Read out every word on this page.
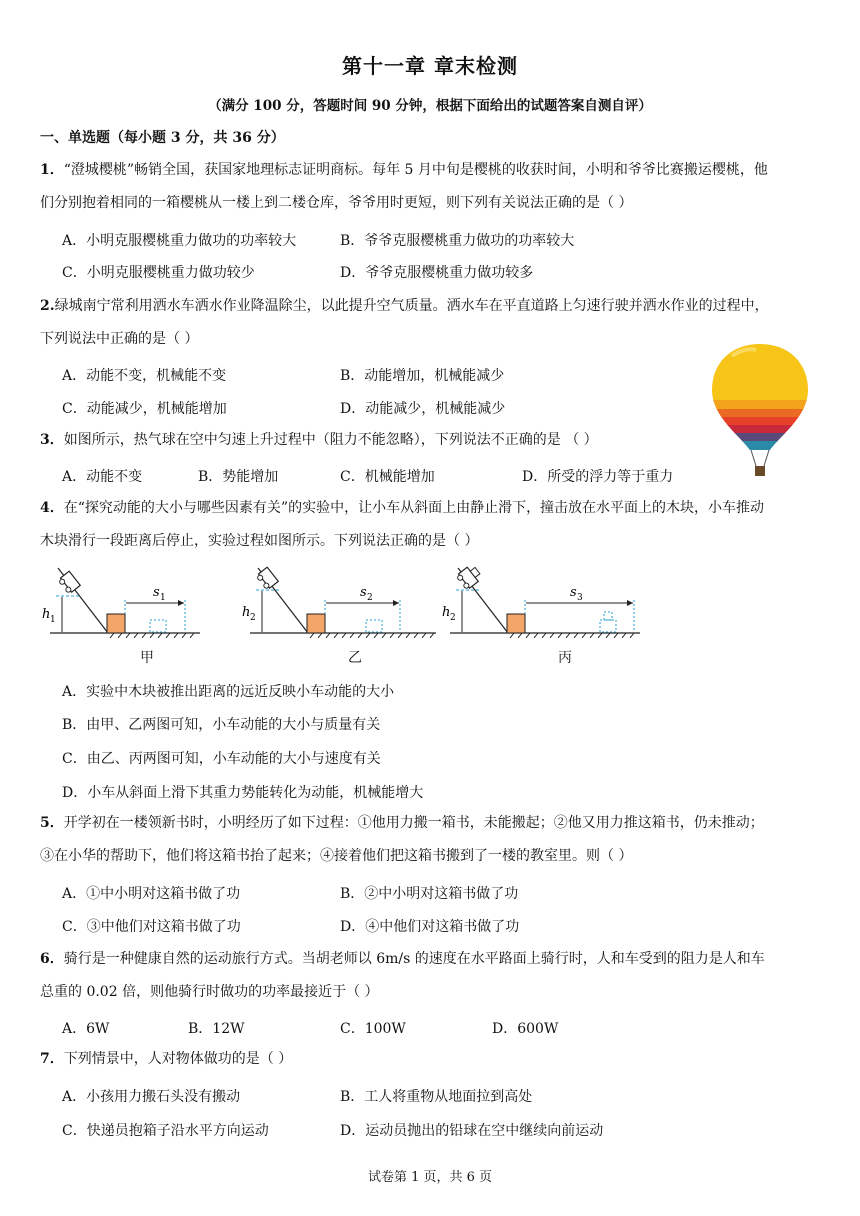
第十一章 章末检测
（满分 100 分，答题时间 90 分钟，根据下面给出的试题答案自测自评）
一、单选题（每小题 3 分，共 36 分）
1．“澄城樱桃”畅销全国，获国家地理标志证明商标。每年 5 月中旬是樱桃的收获时间，小明和爷爷比赛搬运樱桃，他
们分别抱着相同的一箱樱桃从一楼上到二楼仓库，爷爷用时更短，则下列有关说法正确的是（ ）
A．小明克服樱桃重力做功的功率较大	B．爷爷克服樱桃重力做功的功率较大
C．小明克服樱桃重力做功较少	D．爷爷克服樱桃重力做功较多
2.绿城南宁常利用洒水车洒水作业降温除尘，以此提升空气质量。洒水车在平直道路上匀速行驶并洒水作业的过程中，
下列说法中正确的是（ ）
A．动能不变，机械能不变	B．动能增加，机械能减少
C．动能减少，机械能增加	D．动能减少，机械能减少
3．如图所示，热气球在空中匀速上升过程中（阻力不能忽略），下列说法不正确的是 （ ）
A．动能不变	B．势能增加	C．机械能增加	D．所受的浮力等于重力
4．在“探究动能的大小与哪些因素有关”的实验中，让小车从斜面上由静止滑下，撞击放在水平面上的木块，小车推动
木块滑行一段距离后停止，实验过程如图所示。下列说法正确的是（ ）
h 1
s 1
h 2
s 2
h 2
s 3
甲	乙	丙
A．实验中木块被推出距离的远近反映小车动能的大小
B．由甲、乙两图可知，小车动能的大小与质量有关
C．由乙、丙两图可知，小车动能的大小与速度有关
D．小车从斜面上滑下其重力势能转化为动能，机械能增大
5．开学初在一楼领新书时，小明经历了如下过程：①他用力搬一箱书，未能搬起；②他又用力推这箱书，仍未推动；
③在小华的帮助下，他们将这箱书抬了起来；④接着他们把这箱书搬到了一楼的教室里。则（ ）
A．①中小明对这箱书做了功	B．②中小明对这箱书做了功
C．③中他们对这箱书做了功	D．④中他们对这箱书做了功
6．骑行是一种健康自然的运动旅行方式。当胡老师以 6m/s 的速度在水平路面上骑行时，人和车受到的阻力是人和车
总重的 0.02 倍，则他骑行时做功的功率最接近于（ ）
A．6W	B．12W	C．100W	D．600W
7．下列情景中，人对物体做功的是（ ）
A．小孩用力搬石头没有搬动	B．工人将重物从地面拉到高处
C．快递员抱箱子沿水平方向运动	D．运动员抛出的铅球在空中继续向前运动
试卷第 1 页，共 6 页
